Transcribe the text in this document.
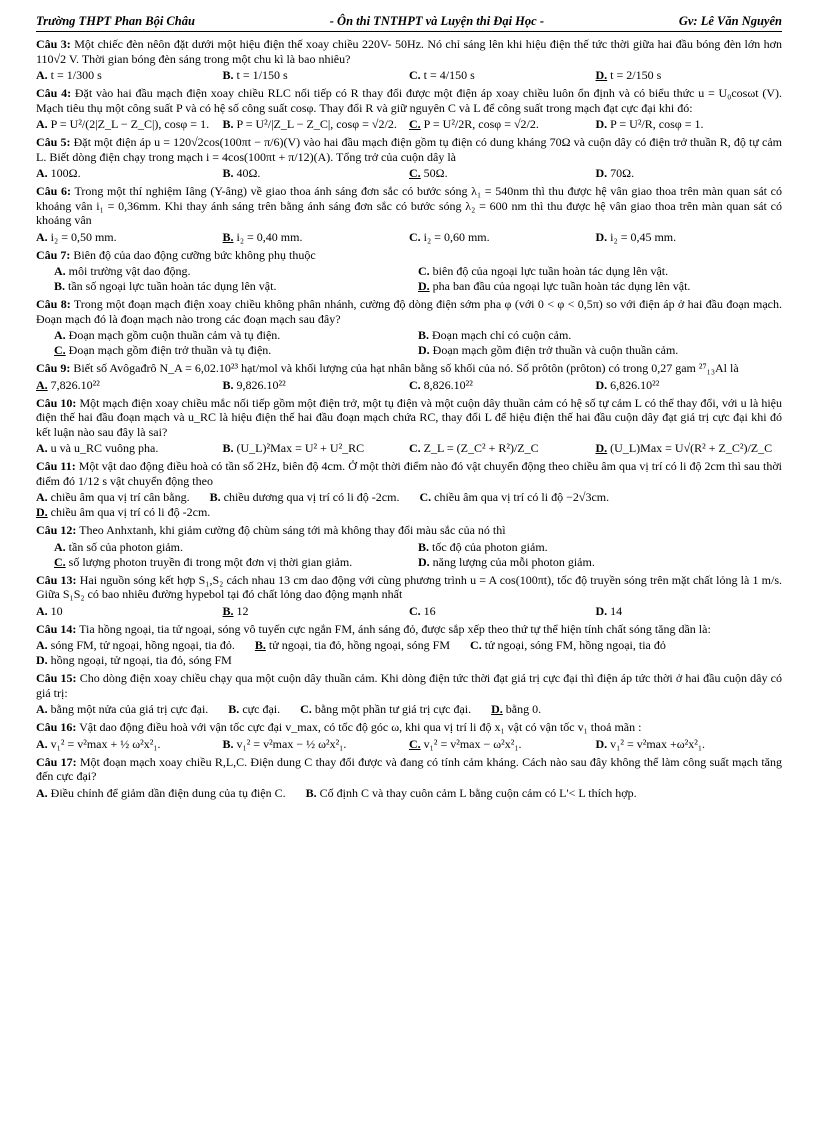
Trường THPT Phan Bội Châu	- Ôn thi TNTHPT và Luyện thi Đại Học -	Gv: Lê Văn Nguyên
Câu 3: Một chiếc đèn nêôn đặt dưới một hiệu điện thế xoay chiều 220V- 50Hz. Nó chỉ sáng lên khi hiệu điện thế tức thời giữa hai đầu bóng đèn lớn hơn 110√2 V. Thời gian bóng đèn sáng trong một chu kì là bao nhiêu?
A. t = 1/300 s	B. t = 1/150 s	C. t = 4/150 s	D. t = 2/150 s
Câu 4: Đặt vào hai đầu mạch điện xoay chiều RLC nối tiếp có R thay đổi được một điện áp xoay chiều luôn ổn định và có biểu thức u = U₀cosωt (V). Mạch tiêu thụ một công suất P và có hệ số công suất cosφ. Thay đổi R và giữ nguyên C và L để công suất trong mạch đạt cực đại khi đó:
A. P = U²/(2|Z_L − Z_C|), cosφ = 1.	B. P = U²/|Z_L − Z_C|, cosφ = √2/2.	C. P = U²/2R, cosφ = √2/2.	D. P = U²/R, cosφ = 1.
Câu 5: Đặt một điện áp u = 120√2cos(100πt − π/6)(V) vào hai đầu mạch điện gồm tụ điện có dung kháng 70Ω và cuộn dây có điện trở thuần R, độ tự cảm L. Biết dòng điện chạy trong mạch i = 4cos(100πt + π/12)(A). Tổng trở của cuộn dây là
A. 100Ω.	B. 40Ω.	C. 50Ω.	D. 70Ω.
Câu 6: Trong một thí nghiệm Iâng (Y-âng) về giao thoa ánh sáng đơn sắc có bước sóng λ₁ = 540nm thì thu được hệ vân giao thoa trên màn quan sát có khoảng vân i₁ = 0,36mm. Khi thay ánh sáng trên bằng ánh sáng đơn sắc có bước sóng λ₂ = 600 nm thì thu được hệ vân giao thoa trên màn quan sát có khoảng vân
A. i₂ = 0,50 mm.	B. i₂ = 0,40 mm.	C. i₂ = 0,60 mm.	D. i₂ = 0,45 mm.
Câu 7: Biên độ của dao động cưỡng bức không phụ thuộc
A. môi trường vật dao động.	C. biên độ của ngoại lực tuần hoàn tác dụng lên vật.
B. tần số ngoại lực tuần hoàn tác dụng lên vật.	D. pha ban đầu của ngoại lực tuần hoàn tác dụng lên vật.
Câu 8: Trong một đoạn mạch điện xoay chiều không phân nhánh, cường độ dòng điện sớm pha φ (với 0 < φ < 0,5π) so với điện áp ở hai đầu đoạn mạch. Đoạn mạch đó là đoạn mạch nào trong các đoạn mạch sau đây?
A. Đoạn mạch gồm cuộn thuần cảm và tụ điện.	B. Đoạn mạch chỉ có cuộn cảm.
C. Đoạn mạch gồm điện trở thuần và tụ điện.	D. Đoạn mạch gồm điện trở thuần và cuộn thuần cảm.
Câu 9: Biết số Avôgađrô N_A = 6,02.10²³ hạt/mol và khối lượng của hạt nhân bằng số khối của nó. Số prôtôn (prôton) có trong 0,27 gam ²⁷₁₃Al là
A. 7,826.10²²	B. 9,826.10²²	C. 8,826.10²²	D. 6,826.10²²
Câu 10: Một mạch điện xoay chiều mắc nối tiếp gồm một điện trở, một tụ điện và một cuộn dây thuần cảm có hệ số tự cảm L có thể thay đổi, với u là hiệu điện thế hai đầu đoạn mạch và u_RC là hiệu điện thế hai đầu đoạn mạch chứa RC, thay đổi L để hiệu điện thế hai đầu cuộn dây đạt giá trị cực đại khi đó kết luận nào sau đây là sai?
A. u và u_RC vuông pha.	B. (U_L)²Max = U² + U²_RC	C. Z_L = (Z_C² + R²)/Z_C	D. (U_L)Max = U√(R² + Z_C²)/Z_C
Câu 11: Một vật dao động điều hoà có tần số 2Hz, biên độ 4cm. Ở một thời điểm nào đó vật chuyển động theo chiều âm qua vị trí có li độ 2cm thì sau thời điểm đó 1/12 s vật chuyển động theo
A. chiều âm qua vị trí cân bằng.	B. chiều dương qua vị trí có li độ -2cm.	C. chiều âm qua vị trí có li độ −2√3cm.
D. chiều âm qua vị trí có li độ -2cm.
Câu 12: Theo Anhxtanh, khi giảm cường độ chùm sáng tới mà không thay đổi màu sắc của nó thì
A. tần số của photon giảm.	B. tốc độ của photon giảm.
C. số lượng photon truyền đi trong một đơn vị thời gian giảm.	D. năng lượng của mỗi photon giảm.
Câu 13: Hai nguồn sóng kết hợp S₁,S₂ cách nhau 13 cm dao động với cùng phương trình u = A cos(100πt), tốc độ truyền sóng trên mặt chất lỏng là 1 m/s. Giữa S₁S₂ có bao nhiêu đường hypebol tại đó chất lỏng dao động mạnh nhất
A. 10	B. 12	C. 16	D. 14
Câu 14: Tia hồng ngoại, tia tử ngoại, sóng vô tuyến cực ngắn FM, ánh sáng đỏ, được sắp xếp theo thứ tự thể hiện tính chất sóng tăng dần là:
A. sóng FM, tử ngoại, hồng ngoại, tia đỏ.	B. tử ngoại, tia đỏ, hồng ngoại, sóng FM	C. tử ngoại, sóng FM, hồng ngoại, tia đỏ
D. hồng ngoại, tử ngoại, tia đỏ, sóng FM
Câu 15: Cho dòng điện xoay chiều chạy qua một cuộn dây thuần cảm. Khi dòng điện tức thời đạt giá trị cực đại thì điện áp tức thời ở hai đầu cuộn dây có giá trị:
A. bằng một nửa của giá trị cực đại.	B. cực đại.	C. bằng một phần tư giá trị cực đại.	D. bằng 0.
Câu 16: Vật dao động điều hoà với vận tốc cực đại v_max, có tốc độ góc ω, khi qua vị trí li độ x₁ vật có vận tốc v₁ thoả mãn :
A. v₁² = v²max + ½ ω²x²₁.	B. v₁² = v²max − ½ ω²x²₁.	C. v₁² = v²max − ω²x²₁.	D. v₁² = v²max +ω²x²₁.
Câu 17: Một đoạn mạch xoay chiều R,L,C. Điện dung C thay đổi được và đang có tính cảm kháng. Cách nào sau đây không thể làm công suất mạch tăng đến cực đại?
A. Điều chỉnh để giảm dần điện dung của tụ điện C.	B. Cố định C và thay cuôn cảm L bằng cuộn cảm có L'< L thích hợp.
